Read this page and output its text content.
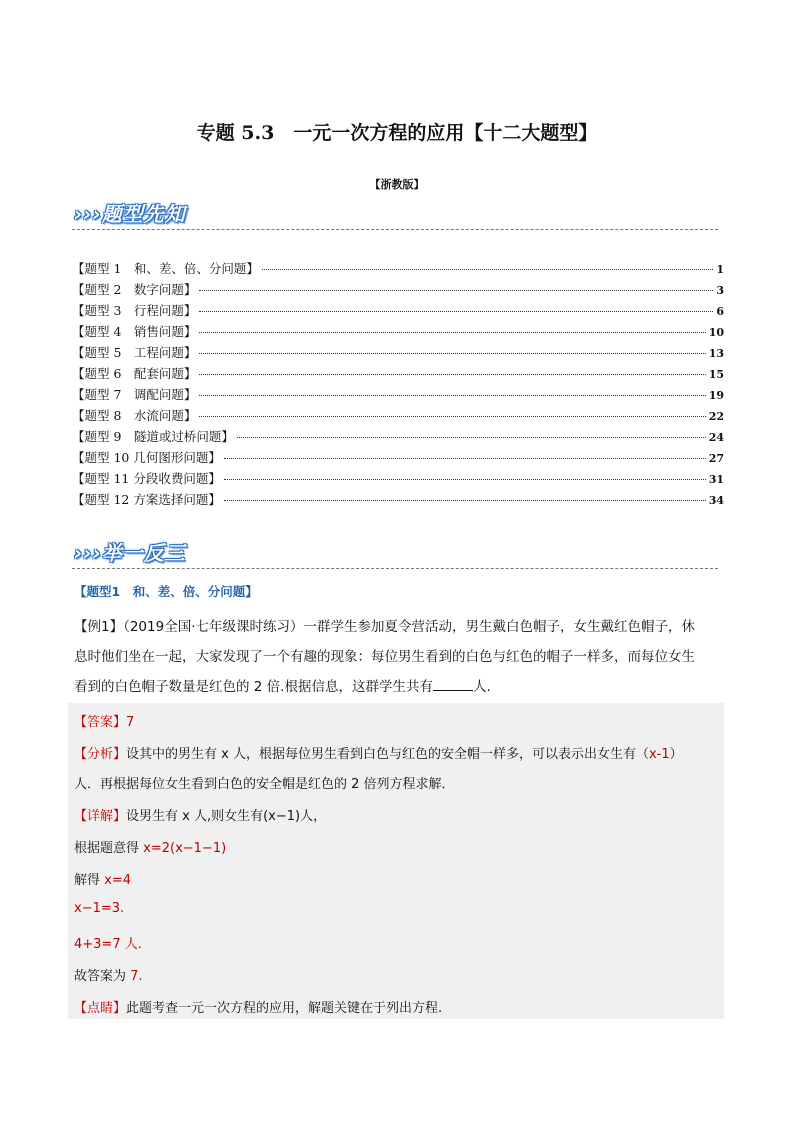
专题 5.3　一元一次方程的应用【十二大题型】
【浙教版】
›››题型先知
【题型 1　和、差、倍、分问题】	1
【题型 2　数字问题】	3
【题型 3　行程问题】	6
【题型 4　销售问题】	10
【题型 5　工程问题】	13
【题型 6　配套问题】	15
【题型 7　调配问题】	19
【题型 8　水流问题】	22
【题型 9　隧道或过桥问题】	24
【题型 10 几何图形问题】	27
【题型 11 分段收费问题】	31
【题型 12 方案选择问题】	34
›››举一反三
【题型1　和、差、倍、分问题】
【例1】（2019全国·七年级课时练习）一群学生参加夏令营活动，男生戴白色帽子，女生戴红色帽子，休
息时他们坐在一起，大家发现了一个有趣的现象：每位男生看到的白色与红色的帽子一样多，而每位女生
看到的白色帽子数量是红色的 2 倍.根据信息，这群学生共有	人.
【答案】7
【分析】设其中的男生有 x 人，根据每位男生看到白色与红色的安全帽一样多，可以表示出女生有（x-1）
人．再根据每位女生看到白色的安全帽是红色的 2 倍列方程求解．
【详解】设男生有 x 人,则女生有(x−1)人，
根据题意得 x=2(x−1−1)
解得 x=4
x−1=3.
4+3=7 人.
故答案为 7.
【点睛】此题考查一元一次方程的应用，解题关键在于列出方程.
